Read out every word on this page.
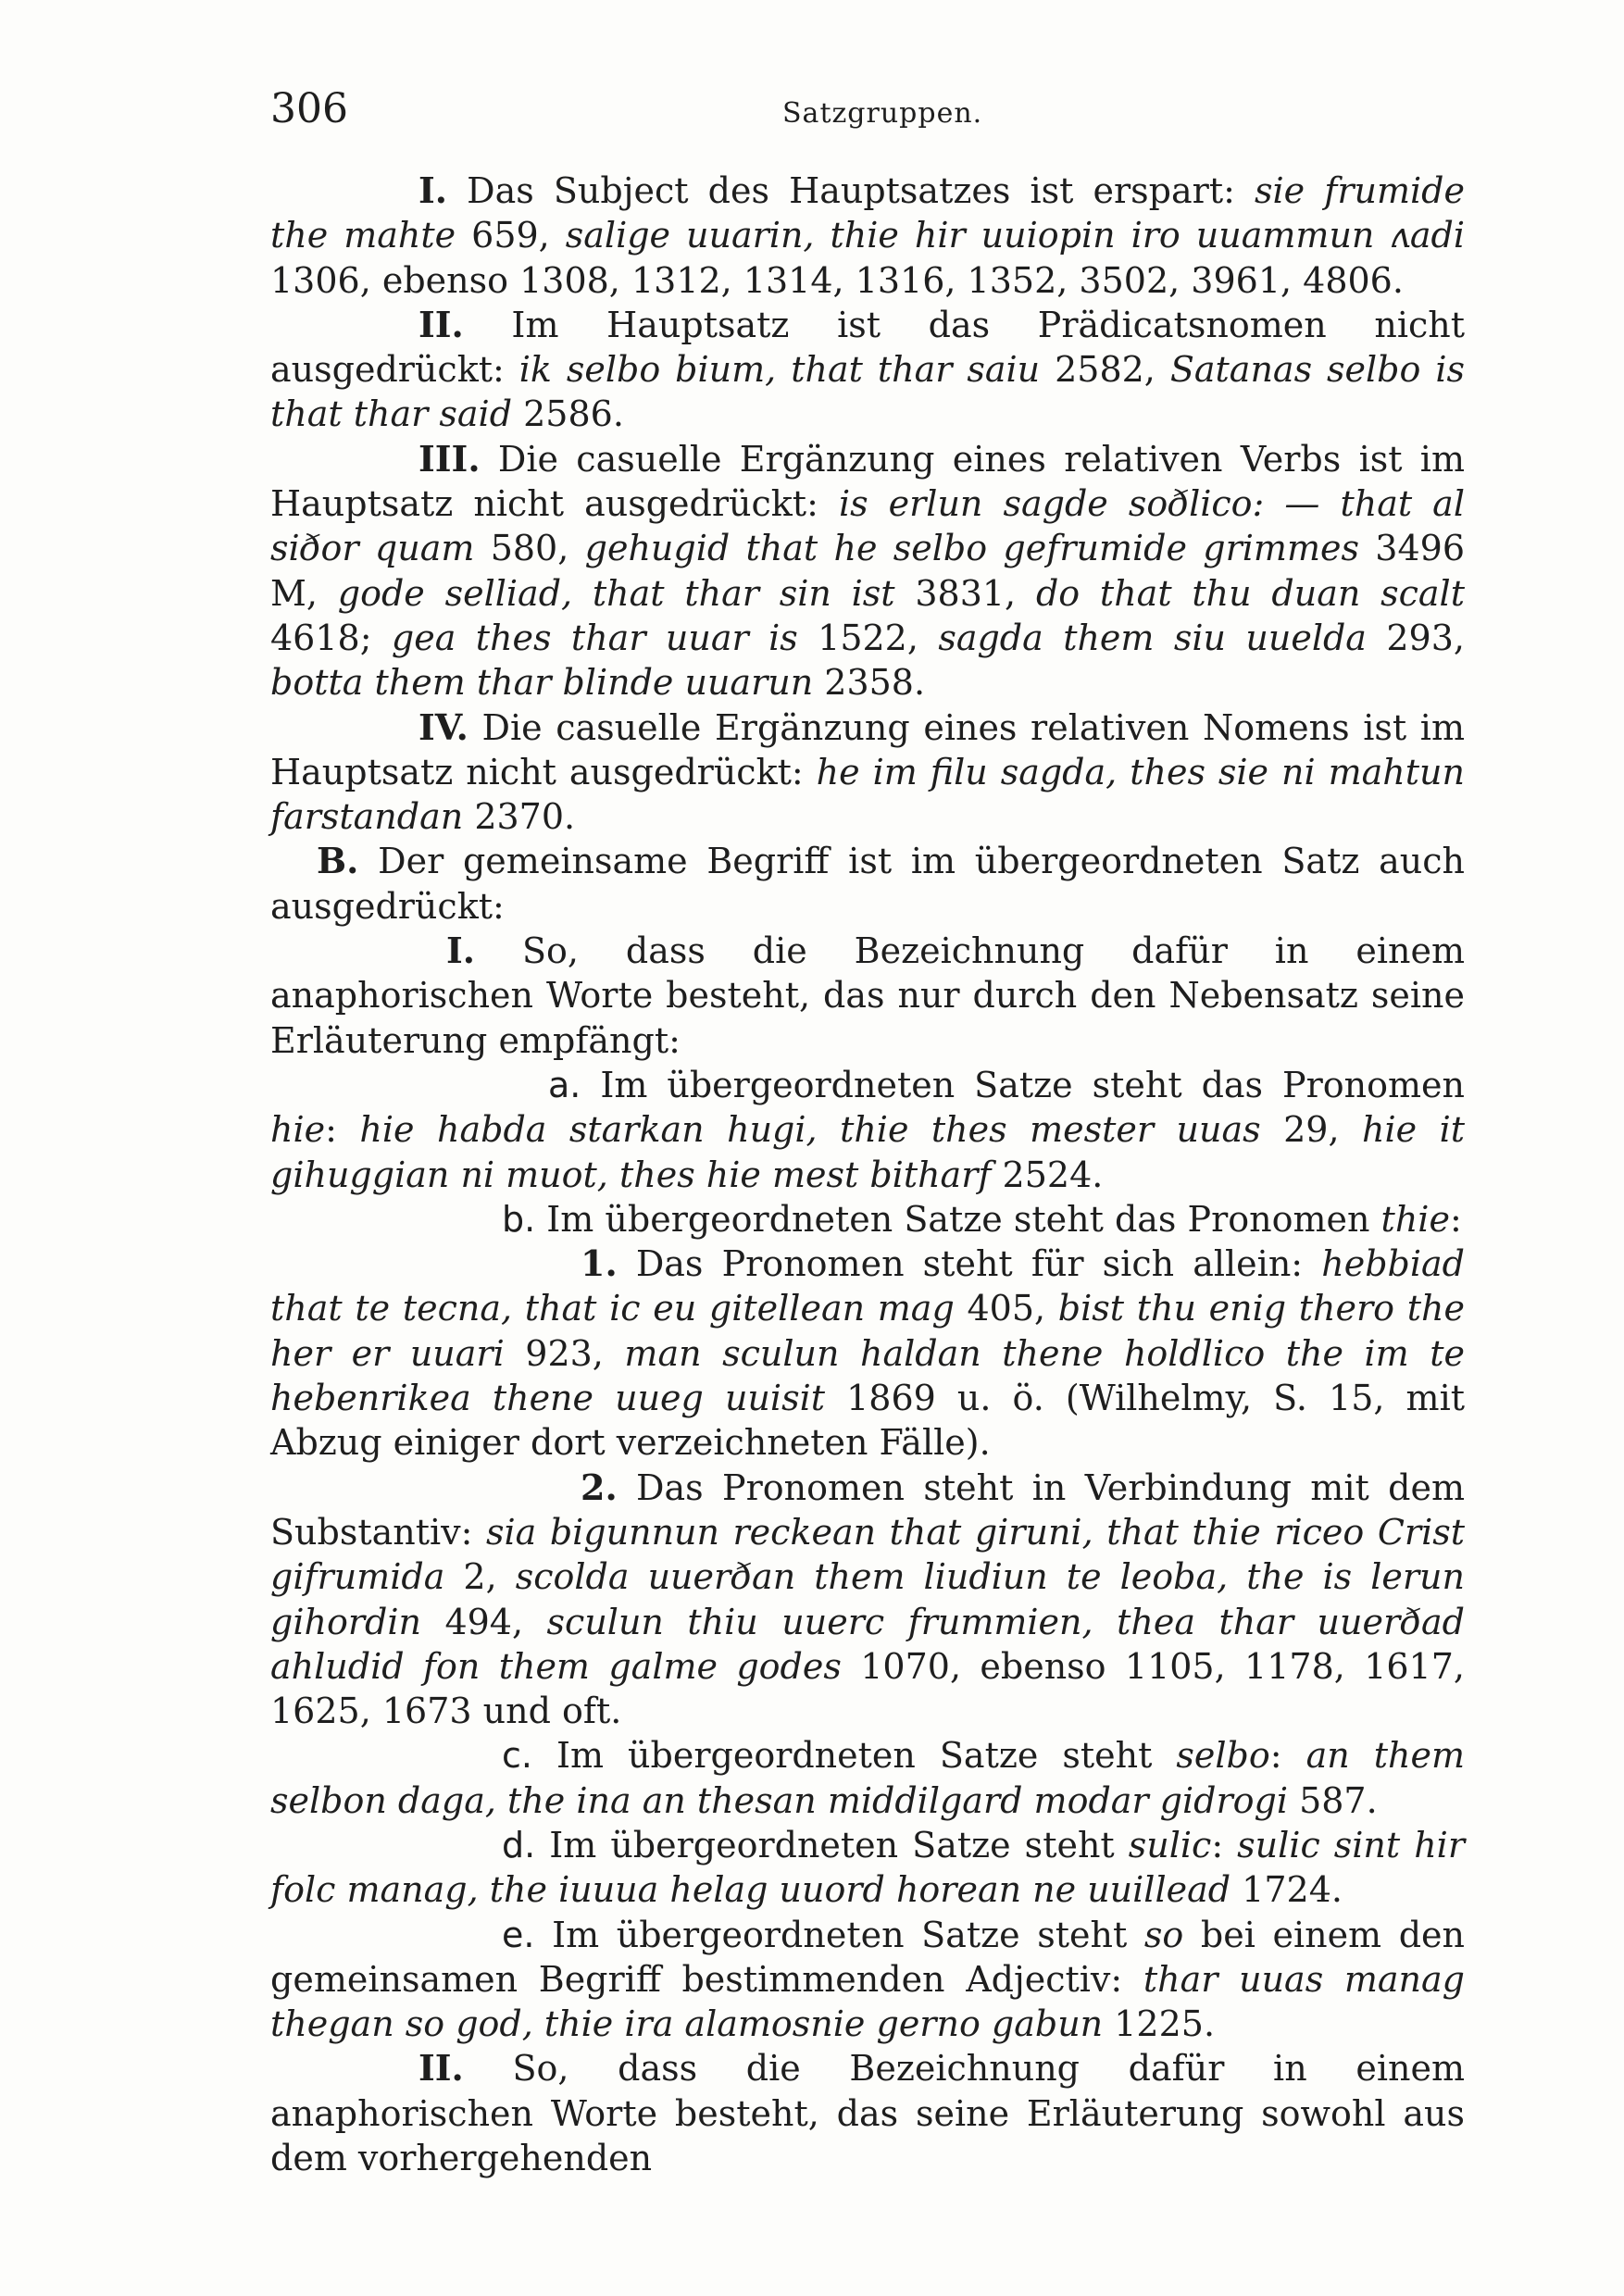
306	Satzgruppen.

I. Das Subject des Hauptsatzes ist erspart: sie frumide the mahte 659, salige uuarin, thie hir uuiopin iro uuammun ʌadi 1306, ebenso 1308, 1312, 1314, 1316, 1352, 3502, 3961, 4806.

II. Im Hauptsatz ist das Prädicatsnomen nicht ausgedrückt: ik selbo bium, that thar saiu 2582, Satanas selbo is that thar said 2586.

III. Die casuelle Ergänzung eines relativen Verbs ist im Hauptsatz nicht ausgedrückt: is erlun sagde soðlico: — that al siðor quam 580, gehugid that he selbo gefrumide grimmes 3496 M, gode selliad, that thar sin ist 3831, do that thu duan scalt 4618; gea thes thar uuar is 1522, sagda them siu uuelda 293, botta them thar blinde uuarun 2358.

IV. Die casuelle Ergänzung eines relativen Nomens ist im Hauptsatz nicht ausgedrückt: he im filu sagda, thes sie ni mahtun farstandan 2370.

B. Der gemeinsame Begriff ist im übergeordneten Satz auch ausgedrückt:

I. So, dass die Bezeichnung dafür in einem anaphorischen Worte besteht, das nur durch den Nebensatz seine Erläuterung empfängt:

a. Im übergeordneten Satze steht das Pronomen hie: hie habda starkan hugi, thie thes mester uuas 29, hie it gihuggian ni muot, thes hie mest bitharf 2524.

b. Im übergeordneten Satze steht das Pronomen thie:

1. Das Pronomen steht für sich allein: hebbiad that te tecna, that ic eu gitellean mag 405, bist thu enig thero the her er uuari 923, man sculun haldan thene holdlico the im te hebenrikea thene uueg uuisit 1869 u. ö. (Wilhelmy, S. 15, mit Abzug einiger dort verzeichneten Fälle).

2. Das Pronomen steht in Verbindung mit dem Substantiv: sia bigunnun reckean that giruni, that thie riceo Crist gifrumida 2, scolda uuerðan them liudiun te leoba, the is lerun gihordin 494, sculun thiu uuerc frummien, thea thar uuerðad ahludid fon them galme godes 1070, ebenso 1105, 1178, 1617, 1625, 1673 und oft.

c. Im übergeordneten Satze steht selbo: an them selbon daga, the ina an thesan middilgard modar gidrogi 587.

d. Im übergeordneten Satze steht sulic: sulic sint hir folc manag, the iuuua helag uuord horean ne uuillead 1724.

e. Im übergeordneten Satze steht so bei einem den gemeinsamen Begriff bestimmenden Adjectiv: thar uuas manag thegan so god, thie ira alamosnie gerno gabun 1225.

II. So, dass die Bezeichnung dafür in einem anaphorischen Worte besteht, das seine Erläuterung sowohl aus dem vorhergehenden
